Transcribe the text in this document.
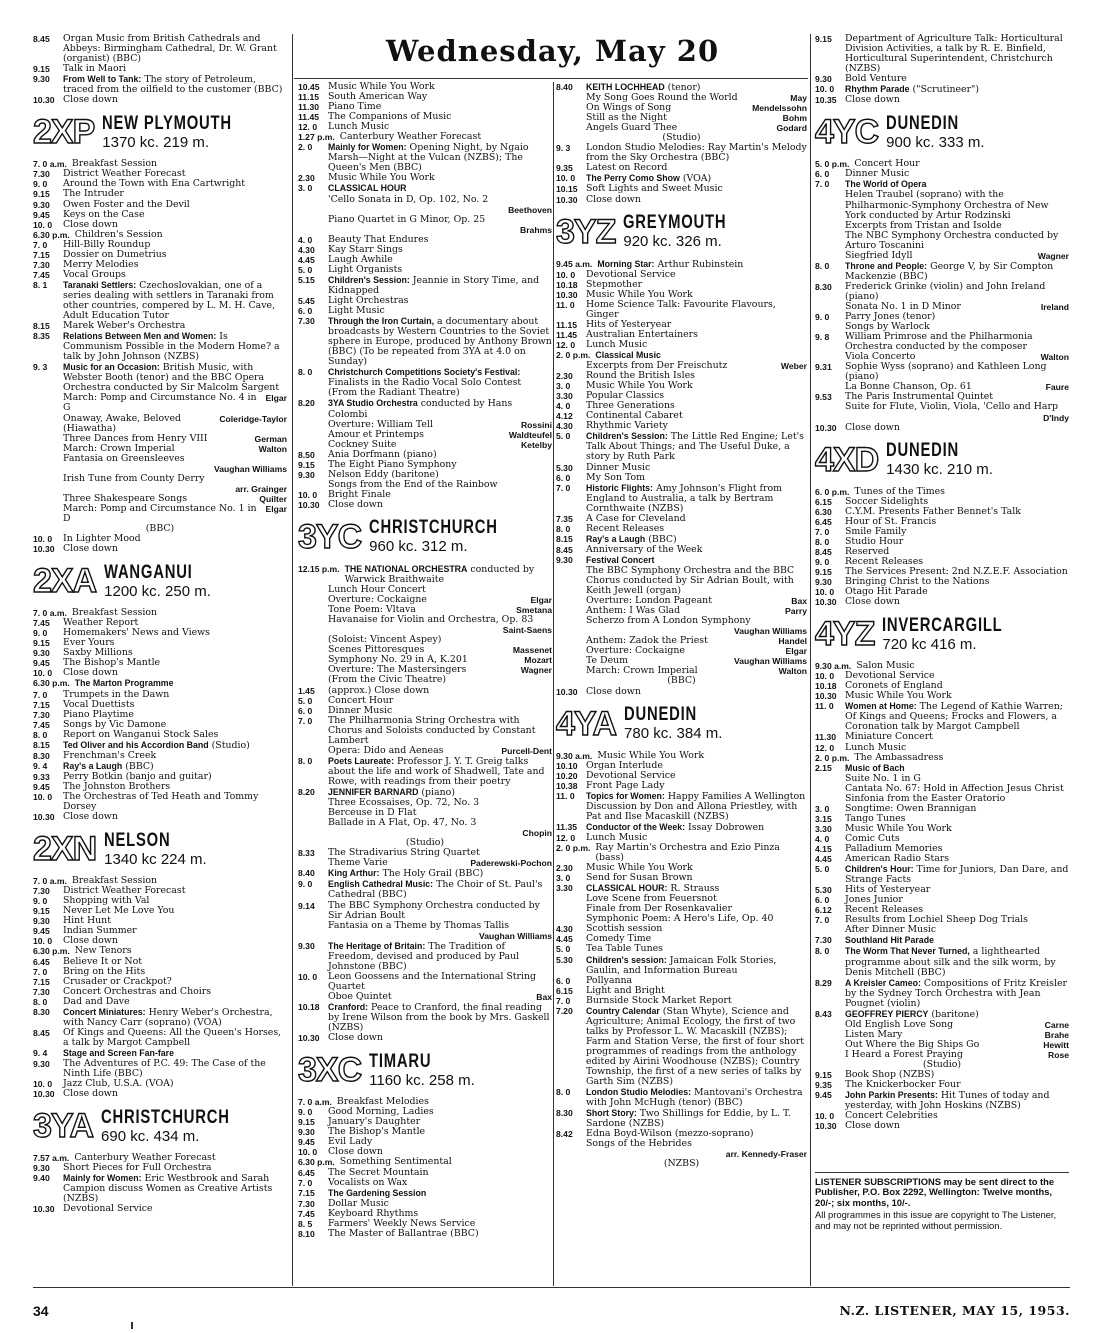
Wednesday, May 20
8.45	Organ Music from British Cathedrals and Abbeys: Birmingham Cathedral, Dr. W. Grant (organist) (BBC)
9.15	Talk in Maori
9.30	From Well to Tank: The story of Petroleum, traced from the oilfield to the customer (BBC)
10.30 Close down
2XP NEW PLYMOUTH
1370 kc. 219 m.
7. 0 a.m. Breakfast Session
7.30	District Weather Forecast
9. 0	Around the Town with Ena Cartwright
9.15	The Intruder
9.30	Owen Foster and the Devil
9.45	Keys on the Case
10. 0	Close down
6.30 p.m. Children's Session
7. 0	Hill-Billy Roundup
7.15	Dossier on Dumetrius
7.30	Merry Melodies
7.45	Vocal Groups
8. 1	Taranaki Settlers: Czechoslovakian, one of a series dealing with settlers in Taranaki from other countries, compered by L. M. H. Cave, Adult Education Tutor
8.15	Marek Weber's Orchestra
8.35	Relations Between Men and Women: Is Communism Possible in the Modern Home? a talk by John Johnson (NZBS)
9. 3	Music for an Occasion: British Music, with Webster Booth (tenor) and the BBC Opera Orchestra conducted by Sir Malcolm Sargent
March: Pomp and Circumstance No. 4 in G
Elgar
Onaway, Awake, Beloved (Hiawatha)
Coleridge-Taylor
Three Dances from Henry VIII	German
March: Crown Imperial	Walton
Fantasia on Greensleeves
Vaughan Williams
Irish Tune from County Derry
arr. Grainger
Three Shakespeare Songs	Quilter
March: Pomp and Circumstance No. 1 in D
Elgar
(BBC)
10. 0	In Lighter Mood
10.30 Close down
2XA WANGANUI
1200 kc. 250 m.
7. 0 a.m. Breakfast Session
7.45	Weather Report
9. 0	Homemakers' News and Views
9.15	Ever Yours
9.30	Saxby Millions
9.45	The Bishop's Mantle
10. 0	Close down
6.30 p.m. The Marton Programme
7. 0	Trumpets in the Dawn
7.15	Vocal Duettists
7.30	Piano Playtime
7.45	Songs by Vic Damone
8. 0	Report on Wanganui Stock Sales
8.15	Ted Oliver and his Accordion Band (Studio)
8.30	Frenchman's Creek
9. 4	Ray's a Laugh (BBC)
9.33	Perry Botkin (banjo and guitar)
9.45	The Johnston Brothers
10. 0	The Orchestras of Ted Heath and Tommy Dorsey
10.30 Close down
2XN NELSON
1340 kc 224 m.
7. 0 a.m. Breakfast Session
7.30	District Weather Forecast
9. 0	Shopping with Val
9.15	Never Let Me Love You
9.30	Hint Hunt
9.45	Indian Summer
10. 0	Close down
6.30 p.m. New Tenors
6.45	Believe It or Not
7. 0	Bring on the Hits
7.15	Crusader or Crackpot?
7.30	Concert Orchestras and Choirs
8. 0	Dad and Dave
8.30	Concert Miniatures: Henry Weber's Orchestra, with Nancy Carr (soprano) (VOA)
8.45	Of Kings and Queens: All the Queen's Horses, a talk by Margot Campbell
9. 4	Stage and Screen Fan-fare
9.30	The Adventures of P.C. 49: The Case of the Ninth Life (BBC)
10. 0	Jazz Club, U.S.A. (VOA)
10.30 Close down
3YA CHRISTCHURCH
690 kc. 434 m.
7.57 a.m. Canterbury Weather Forecast
9.30	Short Pieces for Full Orchestra
9.40	Mainly for Women: Eric Westbrook and Sarah Campion discuss Women as Creative Artists (NZBS)
10.30 Devotional Service
10.45 Music While You Work
11.15 South American Way
11.30 Piano Time
11.45 The Companions of Music
12. 0	Lunch Music
1.27 p.m. Canterbury Weather Forecast
2. 0	Mainly for Women: Opening Night, by Ngaio Marsh—Night at the Vulcan (NZBS); The Queen's Men (BBC)
2.30	Music While You Work
3. 0	CLASSICAL HOUR
'Cello Sonata in D, Op. 102, No. 2
Beethoven
Piano Quartet in G Minor, Op. 25
Brahms
4. 0	Beauty That Endures
4.30	Kay Starr Sings
4.45	Laugh Awhile
5. 0	Light Organists
5.15	Children's Session: Jeannie in Story Time, and Kidnapped
5.45	Light Orchestras
6. 0	Light Music
7.30	Through the Iron Curtain, a documentary about broadcasts by Western Countries to the Soviet sphere in Europe, produced by Anthony Brown (BBC) (To be repeated from 3YA at 4.0 on Sunday)
8. 0	Christchurch Competitions Society's Festival: Finalists in the Radio Vocal Solo Contest (From the Radiant Theatre)
8.20	3YA Studio Orchestra conducted by Hans Colombi
Overture: William Tell	Rossini
Amour et Printemps	Waldteufel
Cockney Suite	Ketelby
8.50	Ania Dorfmann (piano)
9.15	The Eight Piano Symphony
9.30	Nelson Eddy (baritone)
Songs from the End of the Rainbow
10. 0	Bright Finale
10.30 Close down
3YC CHRISTCHURCH
960 kc. 312 m.
12.15 p.m. THE NATIONAL ORCHESTRA conducted by Warwick Braithwaite
Lunch Hour Concert
Overture: Cockaigne	Elgar
Tone Poem: Vltava	Smetana
Havanaise for Violin and Orchestra, Op. 83
Saint-Saens
(Soloist: Vincent Aspey)
Scenes Pittoresques	Massenet
Symphony No. 29 in A, K.201	Mozart
Overture: The Mastersingers	Wagner
(From the Civic Theatre)
1.45	(approx.) Close down
5. 0	Concert Hour
6. 0	Dinner Music
7. 0	The Philharmonia String Orchestra with Chorus and Soloists conducted by Constant Lambert
Opera: Dido and Aeneas	Purcell-Dent
8. 0	Poets Laureate: Professor J. Y. T. Greig talks about the life and work of Shadwell, Tate and Rowe, with readings from their poetry
8.20	JENNIFER BARNARD (piano)
Three Ecossaises, Op. 72, No. 3
Berceuse in D Flat
Ballade in A Flat, Op. 47, No. 3
Chopin
(Studio)
8.33	The Stradivarius String Quartet
Theme Varie	Paderewski-Pochon
8.40	King Arthur: The Holy Grail (BBC)
9. 0	English Cathedral Music: The Choir of St. Paul's Cathedral (BBC)
9.14	The BBC Symphony Orchestra conducted by Sir Adrian Boult
Fantasia on a Theme by Thomas Tallis
Vaughan Williams
9.30	The Heritage of Britain: The Tradition of Freedom, devised and produced by Paul Johnstone (BBC)
10. 0	Leon Goossens and the International String Quartet
Oboe Quintet	Bax
10.18 Cranford: Peace to Cranford, the final reading by Irene Wilson from the book by Mrs. Gaskell (NZBS)
10.30 Close down
3XC TIMARU
1160 kc. 258 m.
7. 0 a.m. Breakfast Melodies
9. 0	Good Morning, Ladies
9.15	January's Daughter
9.30	The Bishop's Mantle
9.45	Evil Lady
10. 0	Close down
6.30 p.m. Something Sentimental
6.45	The Secret Mountain
7. 0	Vocalists on Wax
7.15	The Gardening Session
7.30	Dollar Music
7.45	Keyboard Rhythms
8. 5	Farmers' Weekly News Service
8.10	The Master of Ballantrae (BBC)
8.40	KEITH LOCHHEAD (tenor)
My Song Goes Round the World	May
On Wings of Song	Mendelssohn
Still as the Night	Bohm
Angels Guard Thee	Godard
(Studio)
9. 3	London Studio Melodies: Ray Martin's Melody from the Sky Orchestra (BBC)
9.35	Latest on Record
10. 0	The Perry Como Show (VOA)
10.15 Soft Lights and Sweet Music
10.30 Close down
3YZ GREYMOUTH
920 kc. 326 m.
9.45 a.m. Morning Star: Arthur Rubinstein
10. 0	Devotional Service
10.18 Stepmother
10.30 Music While You Work
11. 0	Home Science Talk: Favourite Flavours, Ginger
11.15 Hits of Yesteryear
11.45 Australian Entertainers
12. 0	Lunch Music
2. 0 p.m. Classical Music
Excerpts from Der Freischutz	Weber
2.30	Round the British Isles
3. 0	Music While You Work
3.30	Popular Classics
4. 0	Three Generations
4.12	Continental Cabaret
4.30	Rhythmic Variety
5. 0	Children's Session: The Little Red Engine; Let's Talk About Things; and The Useful Duke, a story by Ruth Park
5.30	Dinner Music
6. 0	My Son Tom
7. 0	Historic Flights: Amy Johnson's Flight from England to Australia, a talk by Bertram Cornthwaite (NZBS)
7.35	A Case for Cleveland
8. 0	Recent Releases
8.15	Ray's a Laugh (BBC)
8.45	Anniversary of the Week
9.30	Festival Concert
The BBC Symphony Orchestra and the BBC Chorus conducted by Sir Adrian Boult, with Keith Jewell (organ)
Overture: London Pageant	Bax
Anthem: I Was Glad	Parry
Scherzo from A London Symphony
Vaughan Williams
Anthem: Zadok the Priest	Handel
Overture: Cockaigne	Elgar
Te Deum	Vaughan Williams
March: Crown Imperial	Walton
(BBC)
10.30 Close down
4YA DUNEDIN
780 kc. 384 m.
9.30 a.m. Music While You Work
10.10 Organ Interlude
10.20 Devotional Service
10.38 Front Page Lady
11. 0	Topics for Women: Happy Families A Wellington Discussion by Don and Allona Priestley, with Pat and Ilse Macaskill (NZBS)
11.35	Conductor of the Week: Issay Dobrowen
12. 0	Lunch Music
2. 0 p.m. Ray Martin's Orchestra and Ezio Pinza (bass)
2.30	Music While You Work
3. 0	Send for Susan Brown
3.30	CLASSICAL HOUR: R. Strauss
Love Scene from Feuersnot
Finale from Der Rosenkavalier
Symphonic Poem: A Hero's Life, Op. 40
4.30	Scottish session
4.45	Comedy Time
5. 0	Tea Table Tunes
5.30	Children's session: Jamaican Folk Stories, Gaulin, and Information Bureau
6. 0	Pollyanna
6.15	Light and Bright
7. 0	Burnside Stock Market Report
7.20	Country Calendar (Stan Whyte), Science and Agriculture; Animal Ecology, the first of two talks by Professor L. W. Macaskill (NZBS); Farm and Station Verse, the first of four short programmes of readings from the anthology edited by Airini Woodhouse (NZBS); Country Township, the first of a new series of talks by Garth Sim (NZBS)
8. 0	London Studio Melodies: Mantovani's Orchestra with John McHugh (tenor) (BBC)
8.30	Short Story: Two Shillings for Eddie, by L. T. Sardone (NZBS)
8.42	Edna Boyd-Wilson (mezzo-soprano)
Songs of the Hebrides
arr. Kennedy-Fraser
(NZBS)
9.15	Department of Agriculture Talk: Horticultural Division Activities, a talk by R. E. Binfield, Horticultural Superintendent, Christchurch (NZBS)
9.30	Bold Venture
10. 0	Rhythm Parade ("Scrutineer")
10.35 Close down
4YC DUNEDIN
900 kc. 333 m.
5. 0 p.m. Concert Hour
6. 0	Dinner Music
7. 0	The World of Opera
Helen Traubel (soprano) with the Philharmonic-Symphony Orchestra of New York conducted by Artur Rodzinski
Excerpts from Tristan and Isolde
The NBC Symphony Orchestra conducted by Arturo Toscanini
Siegfried Idyll	Wagner
8. 0	Throne and People: George V, by Sir Compton Mackenzie (BBC)
8.30	Frederick Grinke (violin) and John Ireland (piano)
Sonata No. 1 in D Minor	Ireland
9. 0	Parry Jones (tenor)
Songs by Warlock
9. 8	William Primrose and the Philharmonia Orchestra conducted by the composer
Viola Concerto	Walton
9.31	Sophie Wyss (soprano) and Kathleen Long (piano)
La Bonne Chanson, Op. 61	Faure
9.53	The Paris Instrumental Quintet
Suite for Flute, Violin, Viola, 'Cello and Harp
D'Indy
10.30 Close down
4XD DUNEDIN
1430 kc. 210 m.
6. 0 p.m. Tunes of the Times
6.15	Soccer Sidelights
6.30	C.Y.M. Presents Father Bennet's Talk
6.45	Hour of St. Francis
7. 0	Smile Family
8. 0	Studio Hour
8.45	Reserved
9. 0	Recent Releases
9.15	The Services Present: 2nd N.Z.E.F. Association
9.30	Bringing Christ to the Nations
10. 0	Otago Hit Parade
10.30 Close down
4YZ INVERCARGILL
720 kc 416 m.
9.30 a.m. Salon Music
10. 0	Devotional Service
10.18 Coronets of England
10.30 Music While You Work
11. 0	Women at Home: The Legend of Kathie Warren; Of Kings and Queens; Frocks and Flowers, a Coronation talk by Margot Campbell
11.30 Miniature Concert
12. 0	Lunch Music
2. 0 p.m. The Ambassadress
2.15	Music of Bach
Suite No. 1 in G
Cantata No. 67: Hold in Affection Jesus Christ
Sinfonia from the Easter Oratorio
3. 0	Songtime: Owen Brannigan
3.15	Tango Tunes
3.30	Music While You Work
4. 0	Comic Cuts
4.15	Palladium Memories
4.45	American Radio Stars
5. 0	Children's Hour: Time for Juniors, Dan Dare, and Strange Facts
5.30	Hits of Yesteryear
6. 0	Jones Junior
6.12	Recent Releases
7. 0	Results from Lochiel Sheep Dog Trials
After Dinner Music
7.30	Southland Hit Parade
8. 0	The Worm That Never Turned, a lighthearted programme about silk and the silk worm, by Denis Mitchell (BBC)
8.29	A Kreisler Cameo: Compositions of Fritz Kreisler by the Sydney Torch Orchestra with Jean Pougnet (violin)
8.43	GEOFFREY PIERCY (baritone)
Old English Love Song	Carne
Listen Mary	Brahe
Out Where the Big Ships Go	Hewitt
I Heard a Forest Praying	Rose
(Studio)
9.15	Book Shop (NZBS)
9.35	The Knickerbocker Four
9.45	John Parkin Presents: Hit Tunes of today and yesterday, with John Hoskins (NZBS)
10. 0	Concert Celebrities
10.30 Close down
LISTENER SUBSCRIPTIONS may be sent direct to the Publisher, P.O. Box 2292, Wellington: Twelve months, 20/-; six months, 10/-.
All programmes in this issue are copyright to The Listener, and may not be reprinted without permission.
34	N.Z. LISTENER, MAY 15, 1953.
